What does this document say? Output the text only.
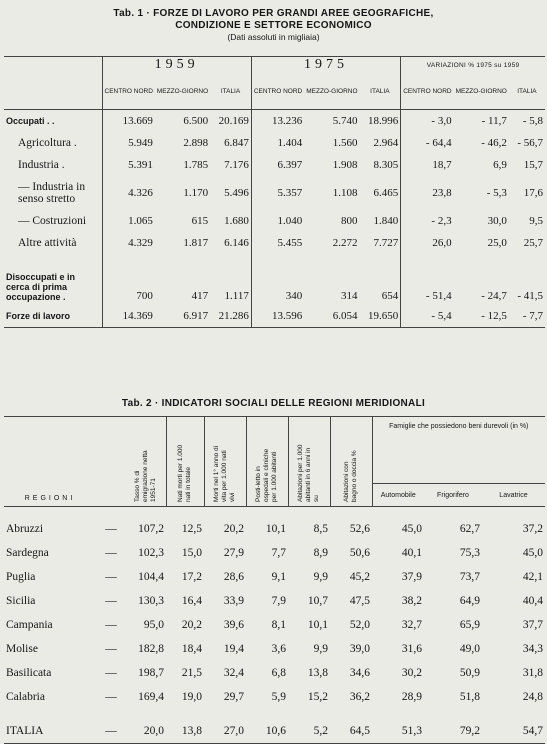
Tab. 1 · FORZE DI LAVORO PER GRANDI AREE GEOGRAFICHE,
CONDIZIONE E SETTORE ECONOMICO
(Dati assoluti in migliaia)
	1959			1975			VARIAZIONI % 1975 su 1959		
	CENTRO NORD	MEZZO-GIORNO	ITALIA	CENTRO NORD	MEZZO-GIORNO	ITALIA	CENTRO NORD	MEZZO-GIORNO	ITALIA
Occupati . .	13.669	6.500	20.169	13.236	5.740	18.996	- 3,0	- 11,7	- 5,8
Agricoltura .	5.949	2.898	6.847	1.404	1.560	2.964	- 64,4	- 46,2	- 56,7
Industria .	5.391	1.785	7.176	6.397	1.908	8.305	18,7	6,9	15,7
— Industria in senso stretto	4.326	1.170	5.496	5.357	1.108	6.465	23,8	- 5,3	17,6
— Costruzioni	1.065	615	1.680	1.040	800	1.840	- 2,3	30,0	9,5
Altre attività	4.329	1.817	6.146	5.455	2.272	7.727	26,0	25,0	25,7
Disoccupati e in cerca di prima occupazione .	700	417	1.117	340	314	654	- 51,4	- 24,7	- 41,5
Forze di lavoro	14.369	6.917	21.286	13.596	6.054	19.650	- 5,4	- 12,5	- 7,7
Tab. 2 · INDICATORI SOCIALI DELLE REGIONI MERIDIONALI
REGIONI		Tasso % di emigrazione netta 1951-71	Nati morti per 1.000 nati in totale	Morti nel 1° anno di vita per 1.000 nati vivi	Posti-letto in ospedali e cliniche per 1.000 abitanti	Abitazioni per 1.000 abitanti in 6 anni in su	Abitazioni con bagno o doccia %	Famiglie che possiedono beni durevoli (in %)		
								Automobile	Frigorifero	Lavatrice

Abruzzi	—	107,2	12,5	20,2	10,1	8,5	52,6	45,0	62,7	37,2
Sardegna	—	102,3	15,0	27,9	7,7	8,9	50,6	40,1	75,3	45,0
Puglia	—	104,4	17,2	28,6	9,1	9,9	45,2	37,9	73,7	42,1
Sicilia	—	130,3	16,4	33,9	7,9	10,7	47,5	38,2	64,9	40,4
Campania	—	95,0	20,2	39,6	8,1	10,1	52,0	32,7	65,9	37,7
Molise	—	182,8	18,4	19,4	3,6	9,9	39,0	31,6	49,0	34,3
Basilicata	—	198,7	21,5	32,4	6,8	13,8	34,6	30,2	50,9	31,8
Calabria	—	169,4	19,0	29,7	5,9	15,2	36,2	28,9	51,8	24,8

ITALIA	—	20,0	13,8	27,0	10,6	5,2	64,5	51,3	79,2	54,7
